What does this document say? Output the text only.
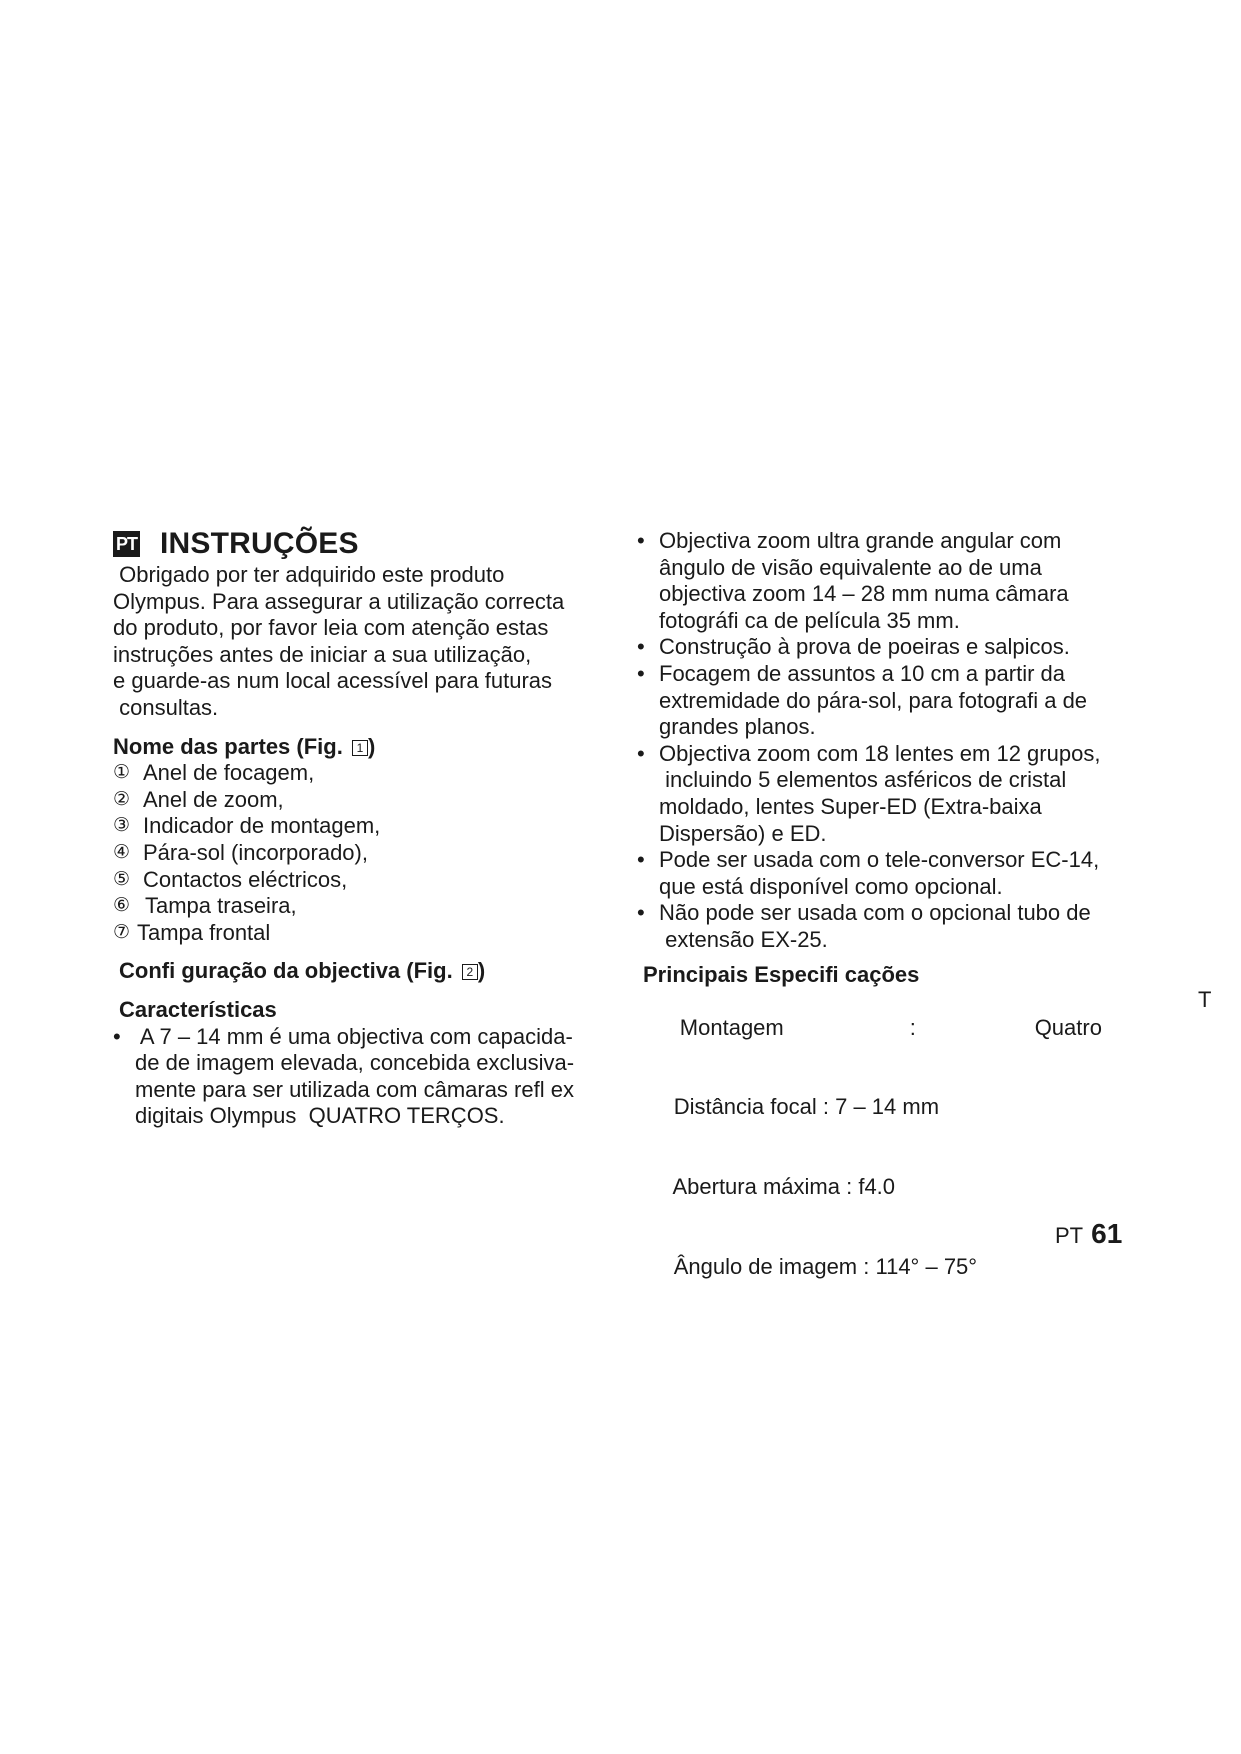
PT INSTRUÇÕES
Obrigado por ter adquirido este produto
Olympus. Para assegurar a utilização correcta
do produto, por favor leia com atenção estas
instruções antes de iniciar a sua utilização,
e guarde-as num local acessível para futuras
consultas.
Nome das partes (Fig. 1 )
① Anel de focagem,
② Anel de zoom,
③ Indicador de montagem,
④ Pára-sol (incorporado),
⑤ Contactos eléctricos,
⑥ Tampa traseira,
⑦ Tampa frontal
Confi guração da objectiva (Fig. 2 )
Características
• A 7 – 14 mm é uma objectiva com capacida-
de de imagem elevada, concebida exclusiva-
mente para ser utilizada com câmaras refl ex
digitais Olympus  QUATRO TERÇOS.
• Objectiva zoom ultra grande angular com
ângulo de visão equivalente ao de uma
objectiva zoom 14 – 28 mm numa câmara
fotográfi ca de película 35 mm.
• Construção à prova de poeiras e salpicos.
• Focagem de assuntos a 10 cm a partir da
extremidade do pára-sol, para fotografi a de
grandes planos.
• Objectiva zoom com 18 lentes em 12 grupos,
incluindo 5 elementos asféricos de cristal
moldado, lentes Super-ED (Extra-baixa
Dispersão) e ED.
• Pode ser usada com o tele-conversor EC-14,
que está disponível como opcional.
• Não pode ser usada com o opcional tubo de
extensão EX-25.
Principais Especifi cações

Montagem	:	Quatro

Distância focal : 7 – 14 mm

Abertura máxima : f4.0

Ângulo de imagem : 114° – 75°

T
PT 61
